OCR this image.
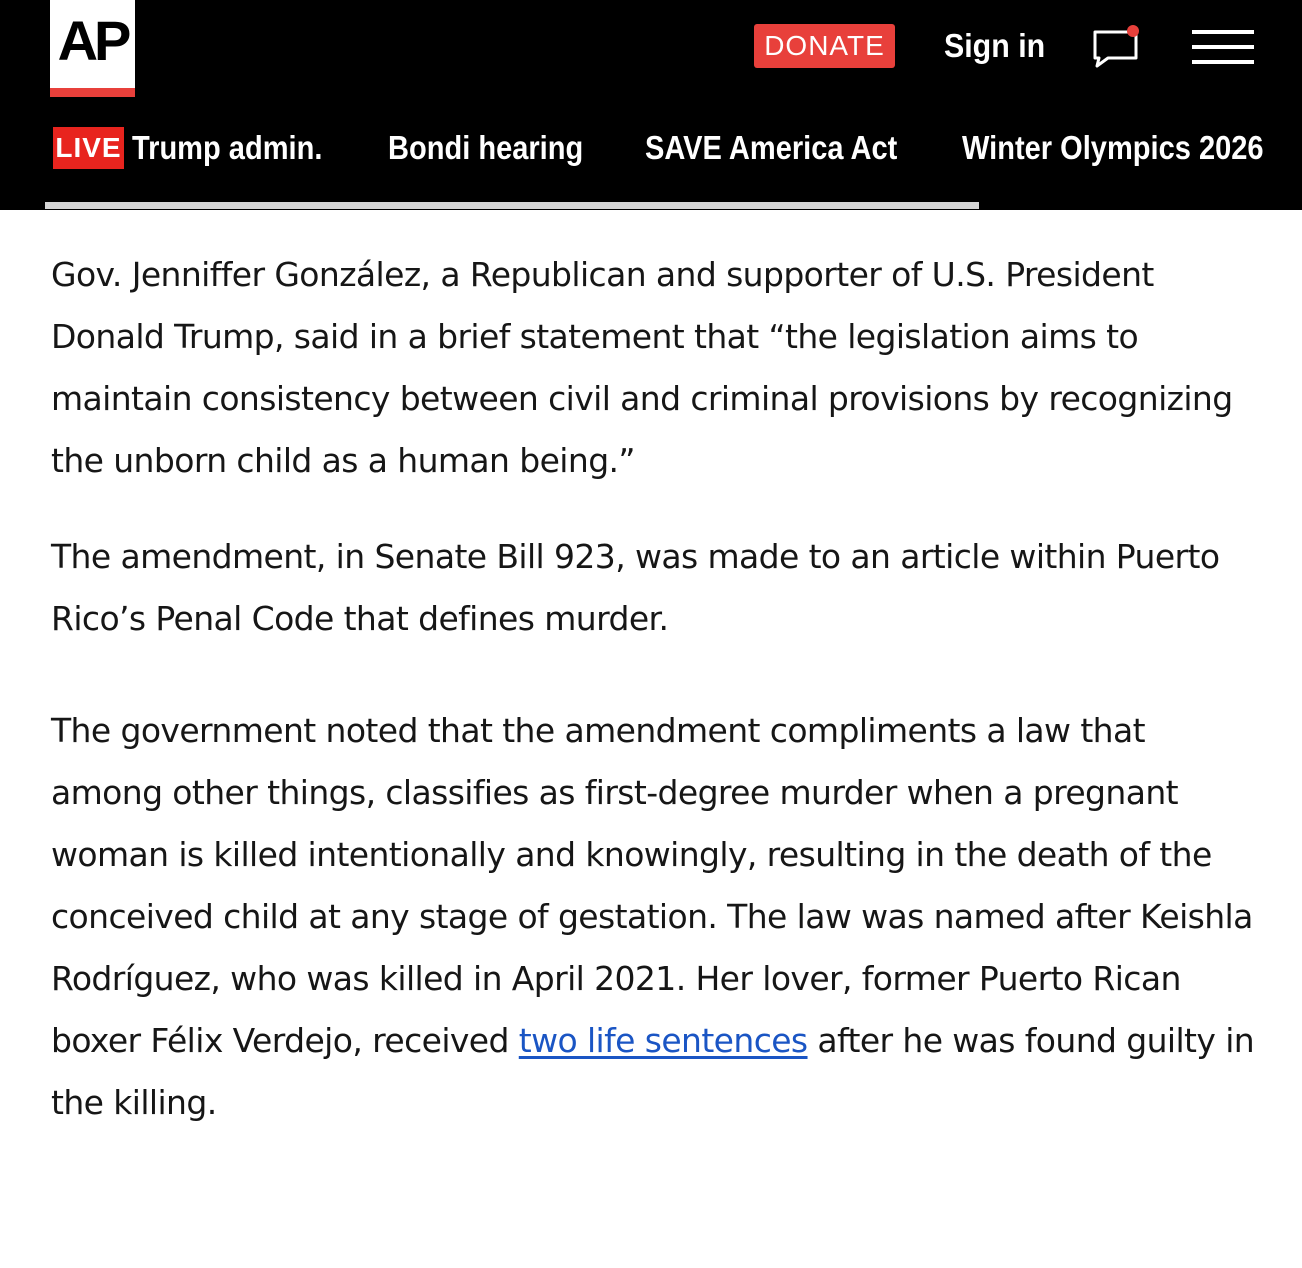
AP	DONATE	Sign in
LIVE Trump admin. Bondi hearing SAVE America Act Winter Olympics 2026

Gov. Jenniffer González, a Republican and supporter of U.S. President Donald Trump, said in a brief statement that “the legislation aims to maintain consistency between civil and criminal provisions by recognizing the unborn child as a human being.”

The amendment, in Senate Bill 923, was made to an article within Puerto Rico’s Penal Code that defines murder.

The government noted that the amendment compliments a law that among other things, classifies as first-degree murder when a pregnant woman is killed intentionally and knowingly, resulting in the death of the conceived child at any stage of gestation. The law was named after Keishla Rodríguez, who was killed in April 2021. Her lover, former Puerto Rican boxer Félix Verdejo, received two life sentences after he was found guilty in the killing.
